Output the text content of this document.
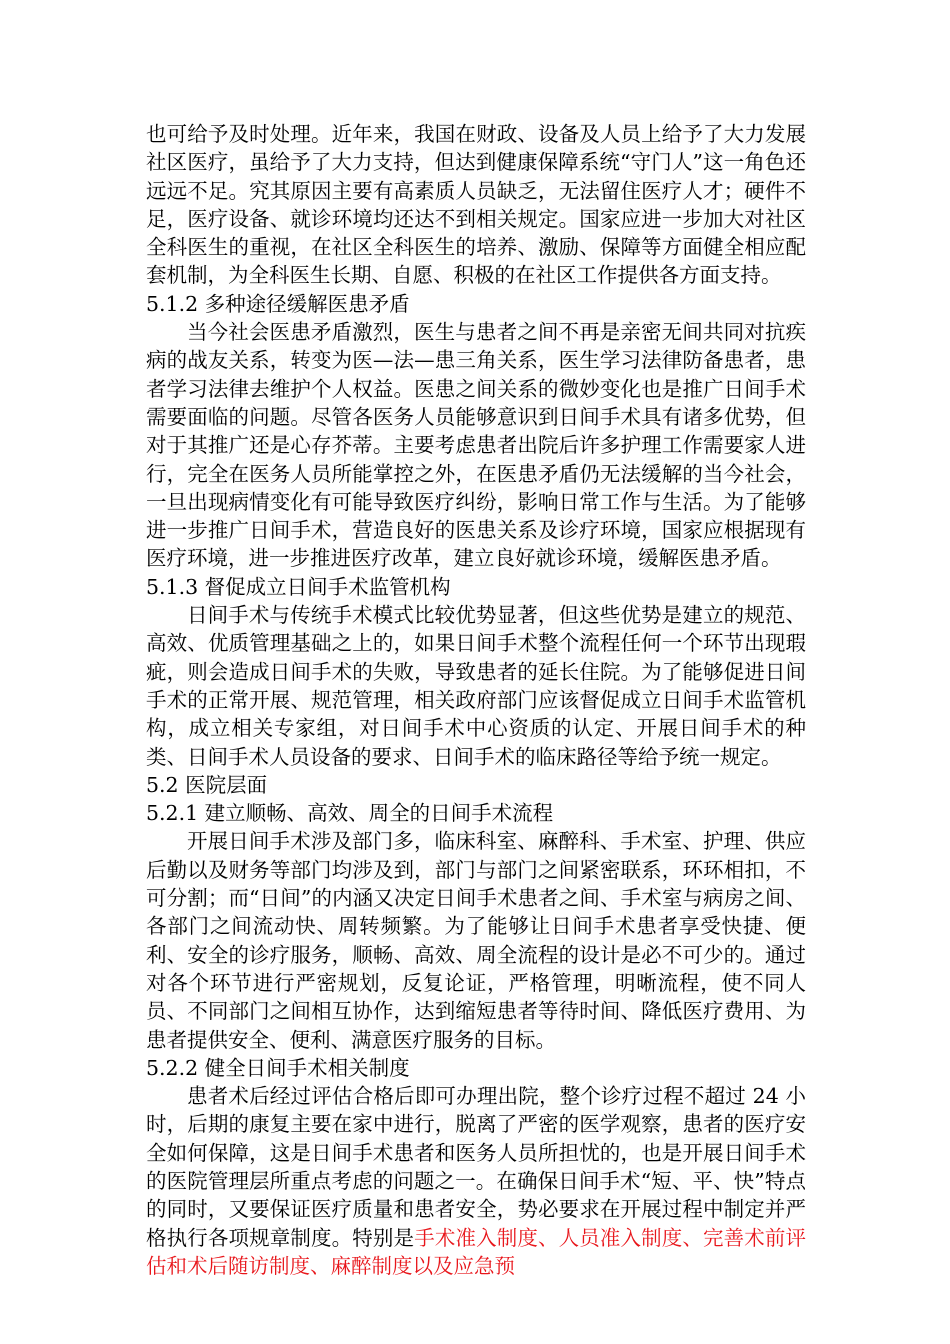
也可给予及时处理。近年来，我国在财政、设备及人员上给予了大力发展社区医疗，虽给予了大力支持，但达到健康保障系统“守门人”这一角色还远远不足。究其原因主要有高素质人员缺乏，无法留住医疗人才；硬件不足，医疗设备、就诊环境均还达不到相关规定。国家应进一步加大对社区全科医生的重视，在社区全科医生的培养、激励、保障等方面健全相应配套机制，为全科医生长期、自愿、积极的在社区工作提供各方面支持。

5.1.2 多种途径缓解医患矛盾

当今社会医患矛盾激烈，医生与患者之间不再是亲密无间共同对抗疾病的战友关系，转变为医—法—患三角关系，医生学习法律防备患者，患者学习法律去维护个人权益。医患之间关系的微妙变化也是推广日间手术需要面临的问题。尽管各医务人员能够意识到日间手术具有诸多优势，但对于其推广还是心存芥蒂。主要考虑患者出院后许多护理工作需要家人进行，完全在医务人员所能掌控之外，在医患矛盾仍无法缓解的当今社会，一旦出现病情变化有可能导致医疗纠纷，影响日常工作与生活。为了能够进一步推广日间手术，营造良好的医患关系及诊疗环境，国家应根据现有医疗环境，进一步推进医疗改革，建立良好就诊环境，缓解医患矛盾。

5.1.3 督促成立日间手术监管机构

日间手术与传统手术模式比较优势显著，但这些优势是建立的规范、高效、优质管理基础之上的，如果日间手术整个流程任何一个环节出现瑕疵，则会造成日间手术的失败，导致患者的延长住院。为了能够促进日间手术的正常开展、规范管理，相关政府部门应该督促成立日间手术监管机构，成立相关专家组，对日间手术中心资质的认定、开展日间手术的种类、日间手术人员设备的要求、日间手术的临床路径等给予统一规定。

5.2 医院层面

5.2.1 建立顺畅、高效、周全的日间手术流程

开展日间手术涉及部门多，临床科室、麻醉科、手术室、护理、供应后勤以及财务等部门均涉及到，部门与部门之间紧密联系，环环相扣，不可分割；而“日间”的内涵又决定日间手术患者之间、手术室与病房之间、各部门之间流动快、周转频繁。为了能够让日间手术患者享受快捷、便利、安全的诊疗服务，顺畅、高效、周全流程的设计是必不可少的。通过对各个环节进行严密规划，反复论证，严格管理，明晰流程，使不同人员、不同部门之间相互协作，达到缩短患者等待时间、降低医疗费用、为患者提供安全、便利、满意医疗服务的目标。

5.2.2 健全日间手术相关制度

患者术后经过评估合格后即可办理出院，整个诊疗过程不超过 24 小时，后期的康复主要在家中进行，脱离了严密的医学观察，患者的医疗安全如何保障，这是日间手术患者和医务人员所担忧的，也是开展日间手术的医院管理层所重点考虑的问题之一。在确保日间手术“短、平、快”特点的同时，又要保证医疗质量和患者安全，势必要求在开展过程中制定并严格执行各项规章制度。特别是手术准入制度、人员准入制度、完善术前评估和术后随访制度、麻醉制度以及应急预
